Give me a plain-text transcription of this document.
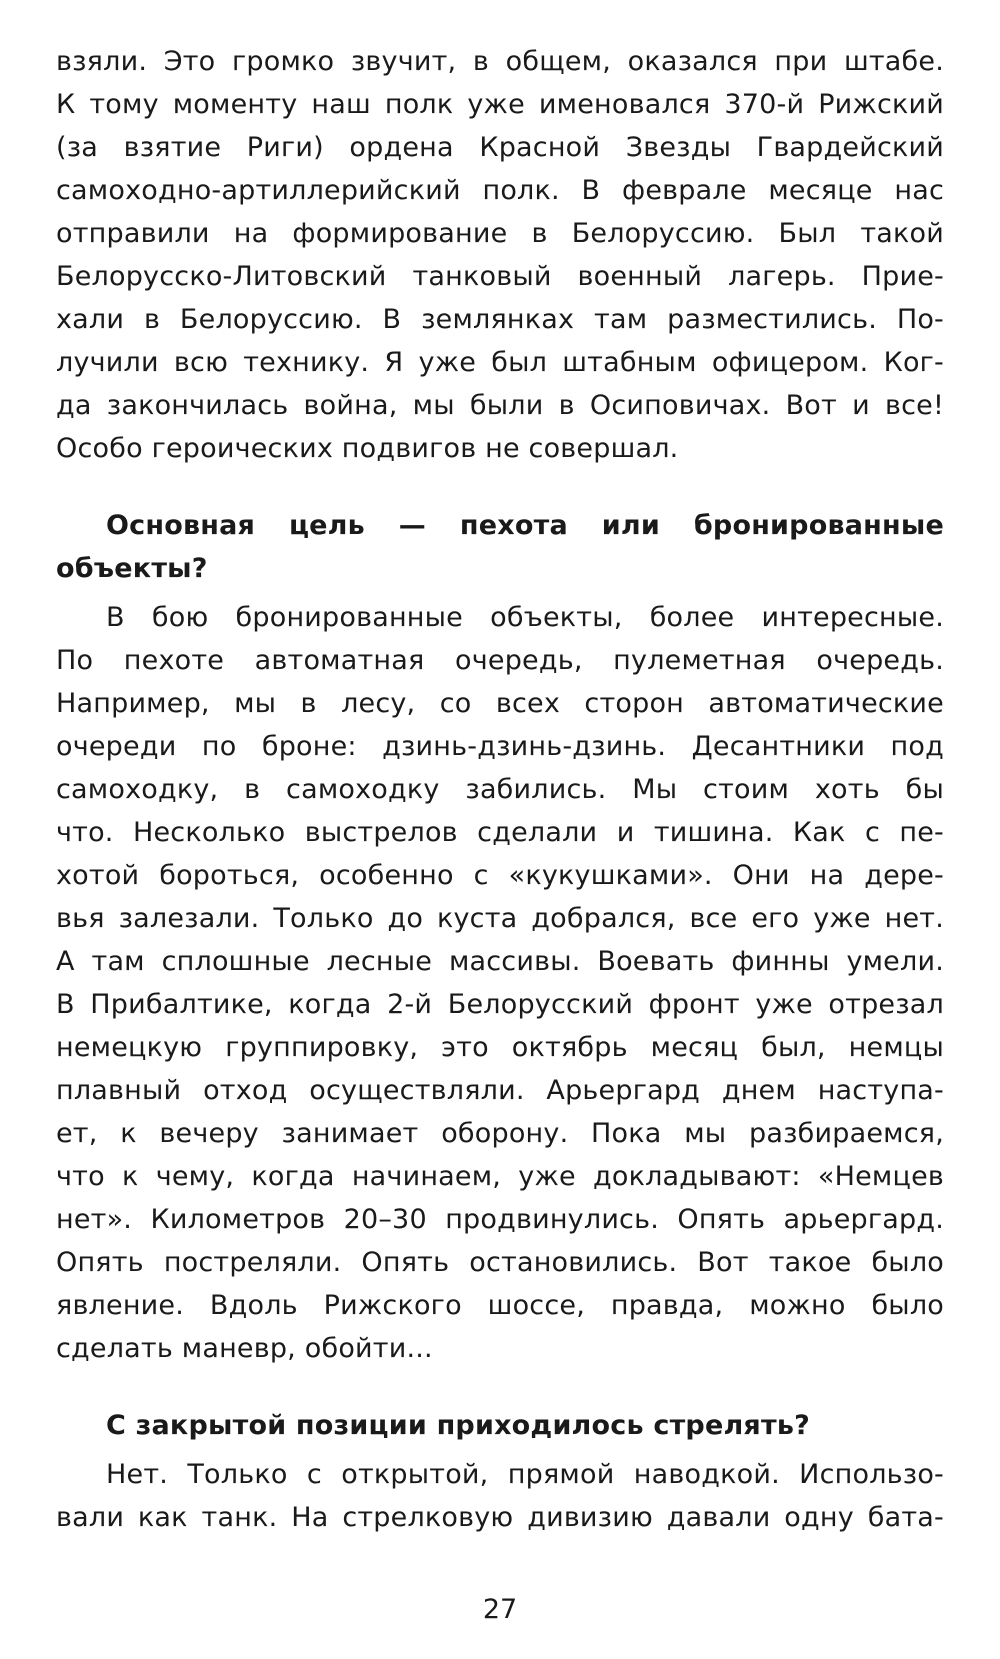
взяли. Это громко звучит, в общем, оказался при штабе.
К тому моменту наш полк уже именовался 370-й Рижский
(за взятие Риги) ордена Красной Звезды Гвардейский
самоходно-артиллерийский полк. В феврале месяце нас
отправили на формирование в Белоруссию. Был такой
Белорусско-Литовский танковый военный лагерь. Прие-
хали в Белоруссию. В землянках там разместились. По-
лучили всю технику. Я уже был штабным офицером. Ког-
да закончилась война, мы были в Осиповичах. Вот и все!
Особо героических подвигов не совершал.
Основная цель — пехота или бронированные
объекты?
В бою бронированные объекты, более интересные.
По пехоте автоматная очередь, пулеметная очередь.
Например, мы в лесу, со всех сторон автоматические
очереди по броне: дзинь-дзинь-дзинь. Десантники под
самоходку, в самоходку забились. Мы стоим хоть бы
что. Несколько выстрелов сделали и тишина. Как с пе-
хотой бороться, особенно с «кукушками». Они на дере-
вья залезали. Только до куста добрался, все его уже нет.
А там сплошные лесные массивы. Воевать финны умели.
В Прибалтике, когда 2-й Белорусский фронт уже отрезал
немецкую группировку, это октябрь месяц был, немцы
плавный отход осуществляли. Арьергард днем наступа-
ет, к вечеру занимает оборону. Пока мы разбираемся,
что к чему, когда начинаем, уже докладывают: «Немцев
нет». Километров 20–30 продвинулись. Опять арьергард.
Опять постреляли. Опять остановились. Вот такое было
явление. Вдоль Рижского шоссе, правда, можно было
сделать маневр, обойти...
С закрытой позиции приходилось стрелять?
Нет. Только с открытой, прямой наводкой. Использо-
вали как танк. На стрелковую дивизию давали одну бата-
27
